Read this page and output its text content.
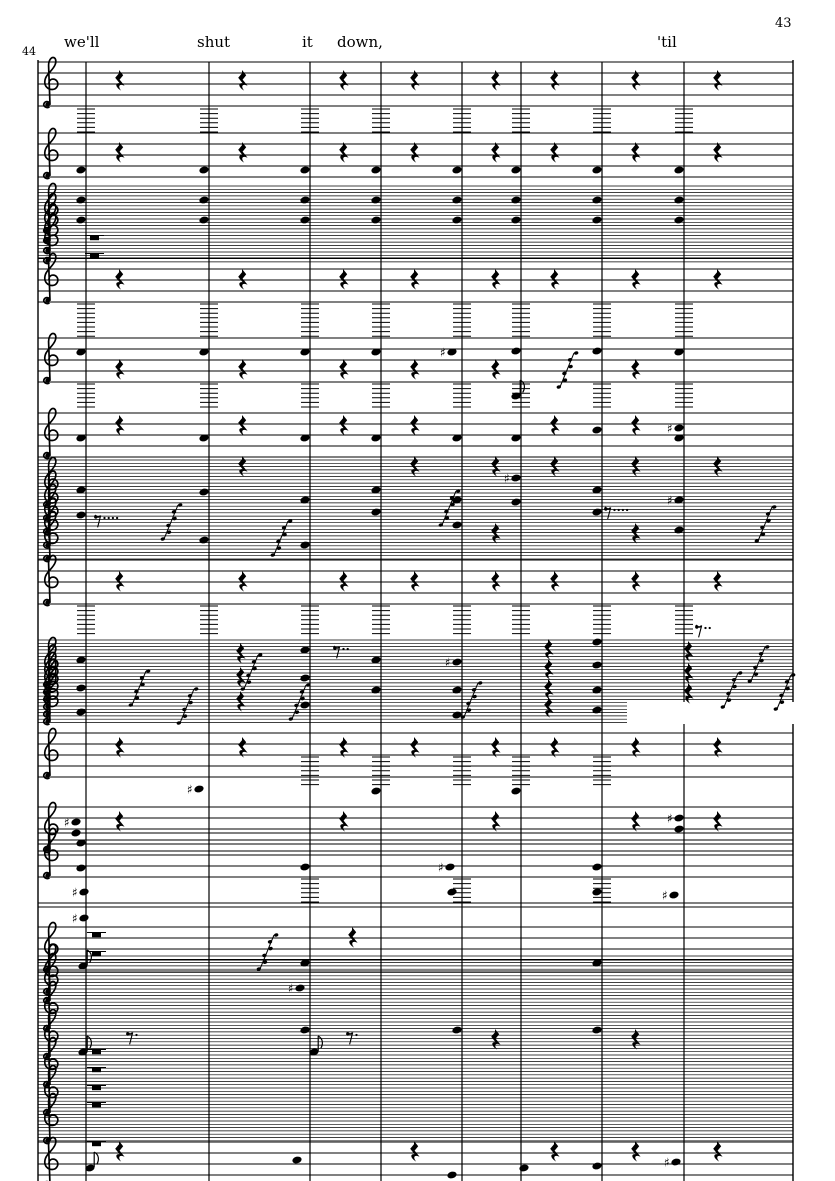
43
44
we'll	shut	it down,	'til
♯
♯
♯
♯
♯
♯
♯	♯
♯
♯
♯
♯
♯
♯
